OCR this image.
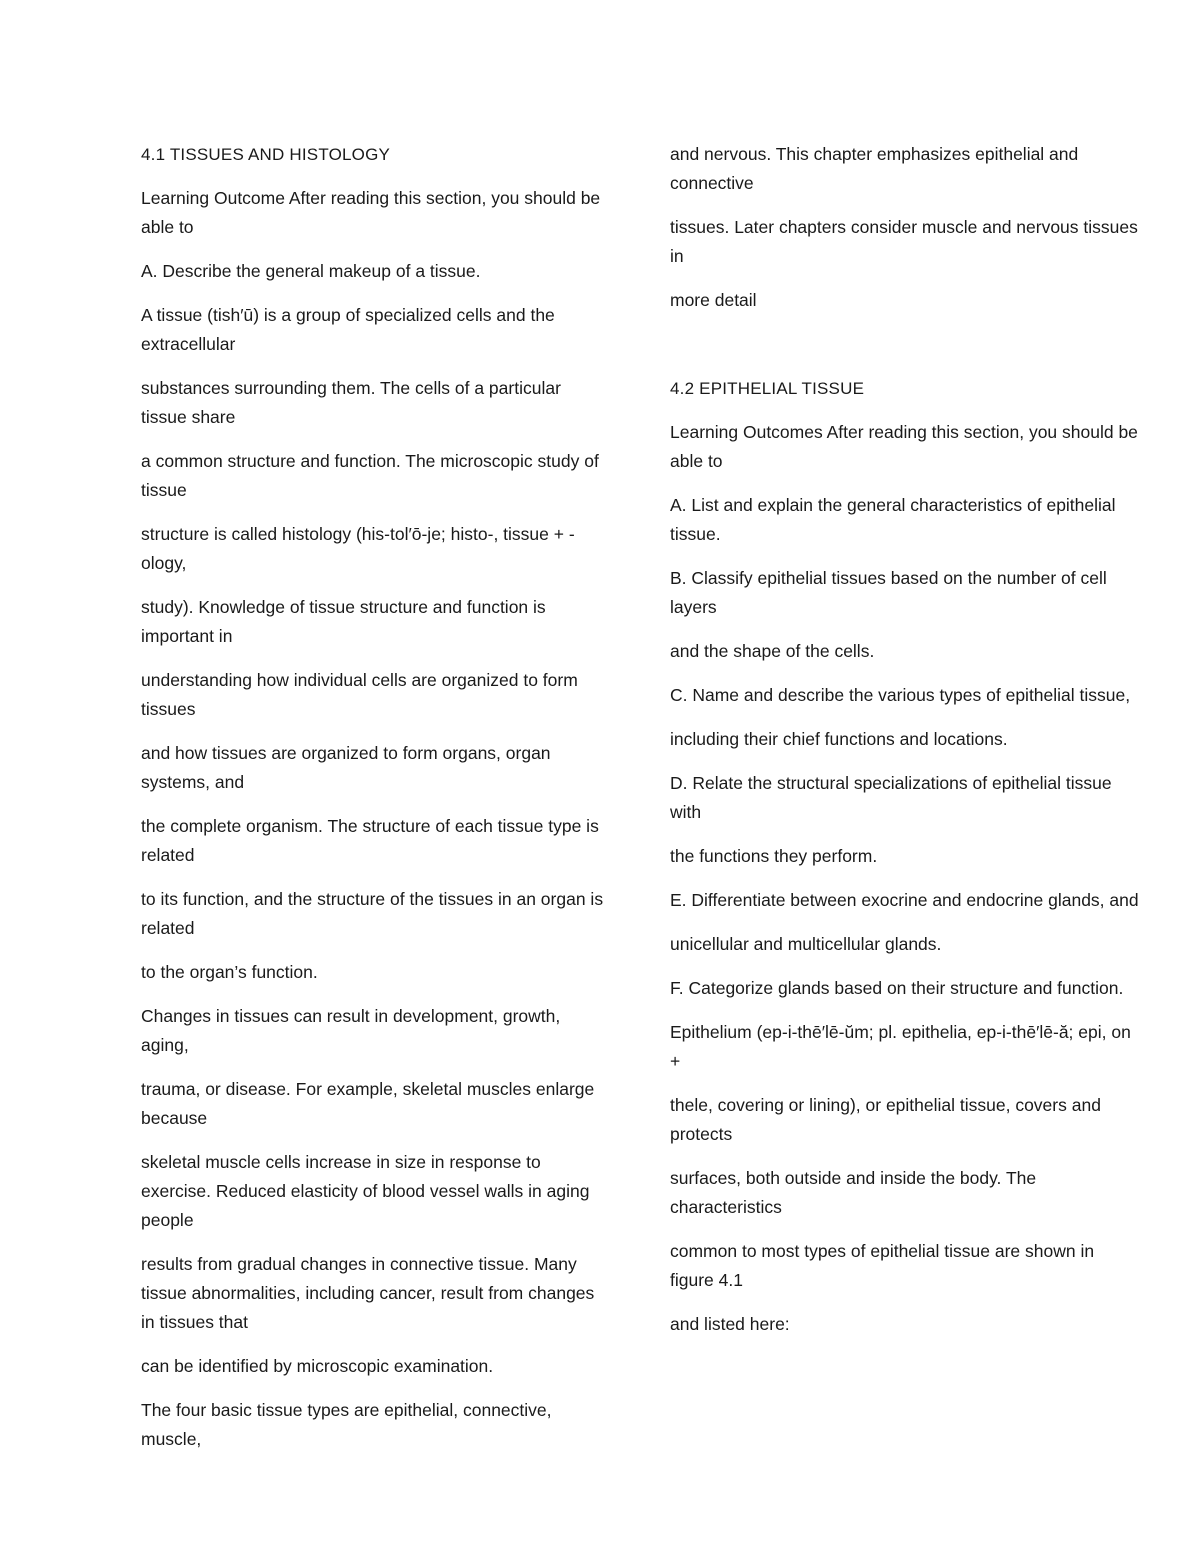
4.1 TISSUES AND HISTOLOGY

Learning Outcome After reading this section, you should be able to

A. Describe the general makeup of a tissue.

A tissue (tish′ū) is a group of specialized cells and the extracellular

substances surrounding them. The cells of a particular tissue share

a common structure and function. The microscopic study of tissue

structure is called histology (his-tol′ō-je; histo-, tissue + -ology,

study). Knowledge of tissue structure and function is important in

understanding how individual cells are organized to form tissues

and how tissues are organized to form organs, organ systems, and

the complete organism. The structure of each tissue type is related

to its function, and the structure of the tissues in an organ is related

to the organ’s function.

Changes in tissues can result in development, growth, aging,

trauma, or disease. For example, skeletal muscles enlarge because

skeletal muscle cells increase in size in response to exercise. Reduced elasticity of blood vessel walls in aging people

results from gradual changes in connective tissue. Many tissue abnormalities, including cancer, result from changes in tissues that

can be identified by microscopic examination.

The four basic tissue types are epithelial, connective, muscle,

and nervous. This chapter emphasizes epithelial and connective

tissues. Later chapters consider muscle and nervous tissues in

more detail

4.2 EPITHELIAL TISSUE

Learning Outcomes After reading this section, you should be able to

A. List and explain the general characteristics of epithelial tissue.

B. Classify epithelial tissues based on the number of cell layers

and the shape of the cells.

C. Name and describe the various types of epithelial tissue,

including their chief functions and locations.

D. Relate the structural specializations of epithelial tissue with

the functions they perform.

E. Differentiate between exocrine and endocrine glands, and

unicellular and multicellular glands.

F. Categorize glands based on their structure and function.

Epithelium (ep-i-thē′lē-ŭm; pl. epithelia, ep-i-thē′lē-ă; epi, on +

thele, covering or lining), or epithelial tissue, covers and protects

surfaces, both outside and inside the body. The characteristics

common to most types of epithelial tissue are shown in figure 4.1

and listed here:
